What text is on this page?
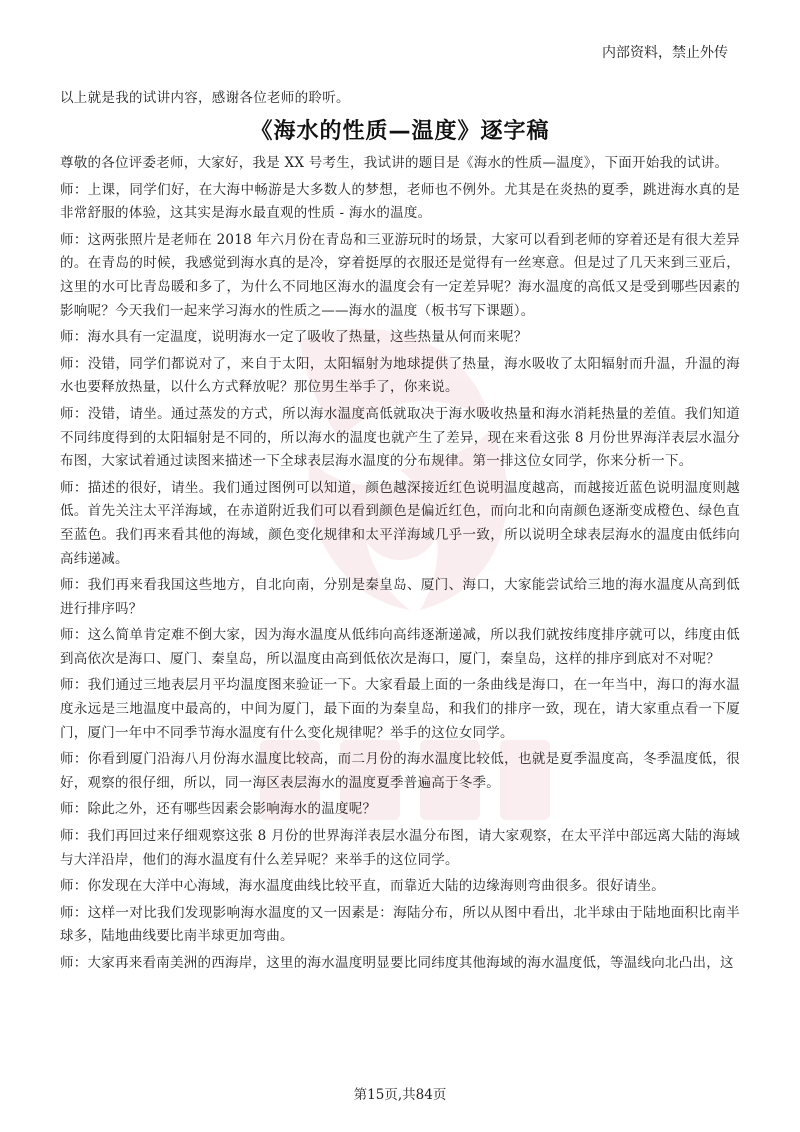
内部资料，禁止外传
以上就是我的试讲内容，感谢各位老师的聆听。
《海水的性质—温度》逐字稿

尊敬的各位评委老师，大家好，我是 XX 号考生，我试讲的题目是《海水的性质—温度》，下面开始我的试讲。

师：上课，同学们好，在大海中畅游是大多数人的梦想，老师也不例外。尤其是在炎热的夏季，跳进海水真的是非常舒服的体验，这其实是海水最直观的性质 - 海水的温度。

师：这两张照片是老师在 2018 年六月份在青岛和三亚游玩时的场景，大家可以看到老师的穿着还是有很大差异的。在青岛的时候，我感觉到海水真的是冷，穿着挺厚的衣服还是觉得有一丝寒意。但是过了几天来到三亚后，这里的水可比青岛暖和多了，为什么不同地区海水的温度会有一定差异呢？海水温度的高低又是受到哪些因素的影响呢？今天我们一起来学习海水的性质之——海水的温度（板书写下课题）。

师：海水具有一定温度，说明海水一定了吸收了热量，这些热量从何而来呢？

师：没错，同学们都说对了，来自于太阳，太阳辐射为地球提供了热量，海水吸收了太阳辐射而升温，升温的海水也要释放热量，以什么方式释放呢？那位男生举手了，你来说。

师：没错，请坐。通过蒸发的方式，所以海水温度高低就取决于海水吸收热量和海水消耗热量的差值。我们知道不同纬度得到的太阳辐射是不同的，所以海水的温度也就产生了差异，现在来看这张 8 月份世界海洋表层水温分布图，大家试着通过读图来描述一下全球表层海水温度的分布规律。第一排这位女同学，你来分析一下。

师：描述的很好，请坐。我们通过图例可以知道，颜色越深接近红色说明温度越高，而越接近蓝色说明温度则越低。首先关注太平洋海域，在赤道附近我们可以看到颜色是偏近红色，而向北和向南颜色逐渐变成橙色、绿色直至蓝色。我们再来看其他的海域，颜色变化规律和太平洋海域几乎一致，所以说明全球表层海水的温度由低纬向高纬递减。

师：我们再来看我国这些地方，自北向南，分别是秦皇岛、厦门、海口，大家能尝试给三地的海水温度从高到低进行排序吗？

师：这么简单肯定难不倒大家，因为海水温度从低纬向高纬逐渐递减，所以我们就按纬度排序就可以，纬度由低到高依次是海口、厦门、秦皇岛，所以温度由高到低依次是海口，厦门，秦皇岛，这样的排序到底对不对呢？

师：我们通过三地表层月平均温度图来验证一下。大家看最上面的一条曲线是海口，在一年当中，海口的海水温度永远是三地温度中最高的，中间为厦门，最下面的为秦皇岛，和我们的排序一致，现在，请大家重点看一下厦门，厦门一年中不同季节海水温度有什么变化规律呢？举手的这位女同学。

师：你看到厦门沿海八月份海水温度比较高，而二月份的海水温度比较低，也就是夏季温度高，冬季温度低，很好，观察的很仔细，所以，同一海区表层海水的温度夏季普遍高于冬季。

师：除此之外，还有哪些因素会影响海水的温度呢？

师：我们再回过来仔细观察这张 8 月份的世界海洋表层水温分布图，请大家观察，在太平洋中部远离大陆的海域与大洋沿岸，他们的海水温度有什么差异呢？来举手的这位同学。

师：你发现在大洋中心海域，海水温度曲线比较平直，而靠近大陆的边缘海则弯曲很多。很好请坐。

师：这样一对比我们发现影响海水温度的又一因素是：海陆分布，所以从图中看出，北半球由于陆地面积比南半球多，陆地曲线要比南半球更加弯曲。

师：大家再来看南美洲的西海岸，这里的海水温度明显要比同纬度其他海域的海水温度低，等温线向北凸出，这

第15页,共84页
